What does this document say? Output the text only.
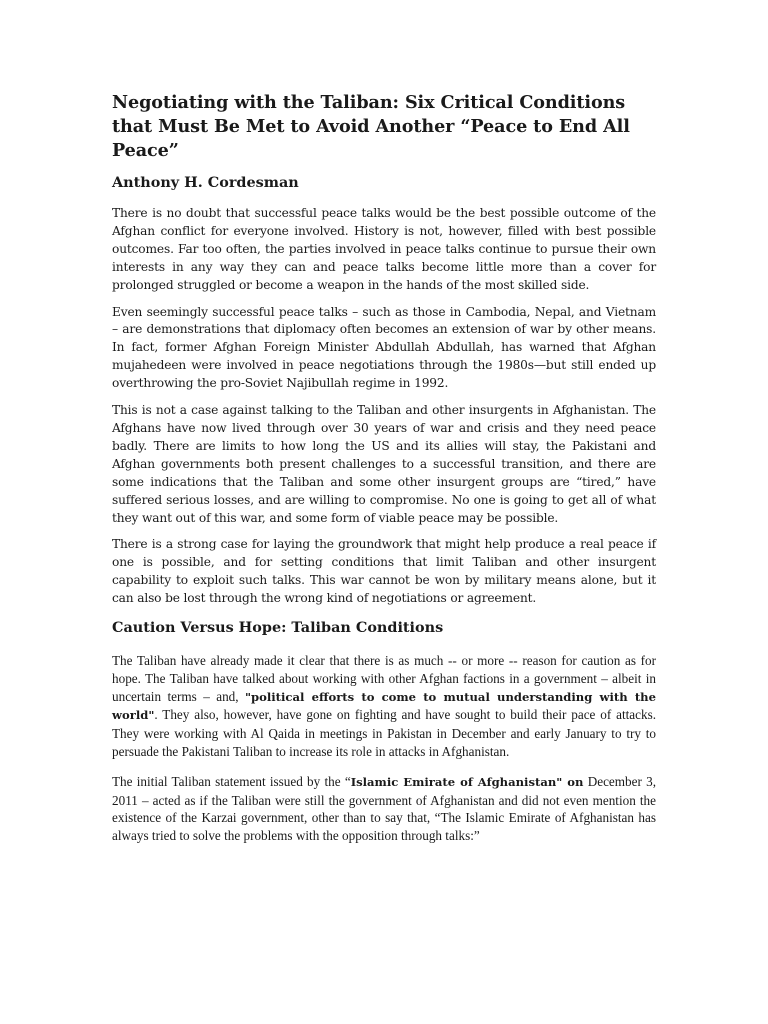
Negotiating with the Taliban: Six Critical Conditions that Must Be Met to Avoid Another “Peace to End All Peace”
Anthony H. Cordesman

There is no doubt that successful peace talks would be the best possible outcome of the Afghan conflict for everyone involved. History is not, however, filled with best possible outcomes. Far too often, the parties involved in peace talks continue to pursue their own interests in any way they can and peace talks become little more than a cover for prolonged struggled or become a weapon in the hands of the most skilled side.

Even seemingly successful peace talks – such as those in Cambodia, Nepal, and Vietnam – are demonstrations that diplomacy often becomes an extension of war by other means. In fact, former Afghan Foreign Minister Abdullah Abdullah, has warned that Afghan mujahedeen were involved in peace negotiations through the 1980s—but still ended up overthrowing the pro-Soviet Najibullah regime in 1992.

This is not a case against talking to the Taliban and other insurgents in Afghanistan. The Afghans have now lived through over 30 years of war and crisis and they need peace badly. There are limits to how long the US and its allies will stay, the Pakistani and Afghan governments both present challenges to a successful transition, and there are some indications that the Taliban and some other insurgent groups are “tired,” have suffered serious losses, and are willing to compromise. No one is going to get all of what they want out of this war, and some form of viable peace may be possible.

There is a strong case for laying the groundwork that might help produce a real peace if one is possible, and for setting conditions that limit Taliban and other insurgent capability to exploit such talks. This war cannot be won by military means alone, but it can also be lost through the wrong kind of negotiations or agreement.

Caution Versus Hope: Taliban Conditions

The Taliban have already made it clear that there is as much -- or more -- reason for caution as for hope. The Taliban have talked about working with other Afghan factions in a government – albeit in uncertain terms – and, "political efforts to come to mutual understanding with the world". They also, however, have gone on fighting and have sought to build their pace of attacks. They were working with Al Qaida in meetings in Pakistan in December and early January to try to persuade the Pakistani Taliban to increase its role in attacks in Afghanistan.

The initial Taliban statement issued by the “Islamic Emirate of Afghanistan" on December 3, 2011 – acted as if the Taliban were still the government of Afghanistan and did not even mention the existence of the Karzai government, other than to say that, “The Islamic Emirate of Afghanistan has always tried to solve the problems with the opposition through talks:”
